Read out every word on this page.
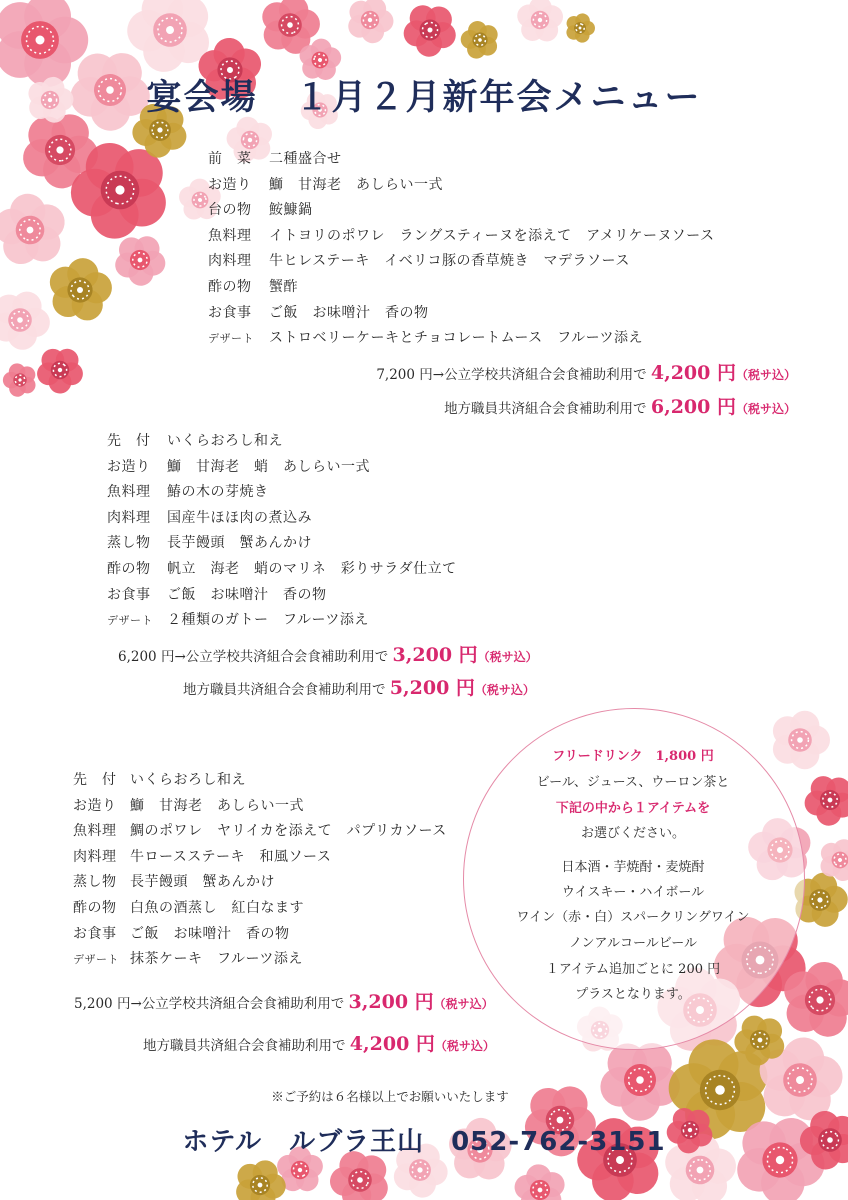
宴会場　１月２月新年会メニュー
前　菜 二種盛合せ
お造り 鰤　甘海老　あしらい一式
台の物 鮟鱇鍋
魚料理 イトヨリのポワレ　ラングスティーヌを添えて　アメリケーヌソース
肉料理 牛ヒレステーキ　イベリコ豚の香草焼き　マデラソース
酢の物 蟹酢
お食事 ご飯　お味噌汁　香の物
デザート ストロベリーケーキとチョコレートムース　フルーツ添え
7,200 円→公立学校共済組合会食補助利用で 4,200 円（税サ込）
地方職員共済組合会食補助利用で 6,200 円（税サ込）
先　付 いくらおろし和え
お造り 鰤　甘海老　蛸　あしらい一式
魚料理 鰆の木の芽焼き
肉料理 国産牛ほほ肉の煮込み
蒸し物 長芋饅頭　蟹あんかけ
酢の物 帆立　海老　蛸のマリネ　彩りサラダ仕立て
お食事 ご飯　お味噌汁　香の物
デザート ２種類のガトー　フルーツ添え
6,200 円→公立学校共済組合会食補助利用で 3,200 円（税サ込）
地方職員共済組合会食補助利用で 5,200 円（税サ込）
フリードリンク　1,800 円
ビール、ジュース、ウーロン茶と
下記の中から１アイテムを
お選びください。
日本酒・芋焼酎・麦焼酎
ウイスキー・ハイボール
ワイン（赤・白）スパークリングワイン
ノンアルコールビール
１アイテム追加ごとに 200 円
プラスとなります。
先　付 いくらおろし和え
お造り 鰤　甘海老　あしらい一式
魚料理 鯛のポワレ　ヤリイカを添えて　パプリカソース
肉料理 牛ロースステーキ　和風ソース
蒸し物 長芋饅頭　蟹あんかけ
酢の物 白魚の酒蒸し　紅白なます
お食事 ご飯　お味噌汁　香の物
デザート 抹茶ケーキ　フルーツ添え
5,200 円→公立学校共済組合会食補助利用で 3,200 円（税サ込）
地方職員共済組合会食補助利用で 4,200 円（税サ込）
※ご予約は６名様以上でお願いいたします
ホテル　ルブラ王山　052-762-3151
